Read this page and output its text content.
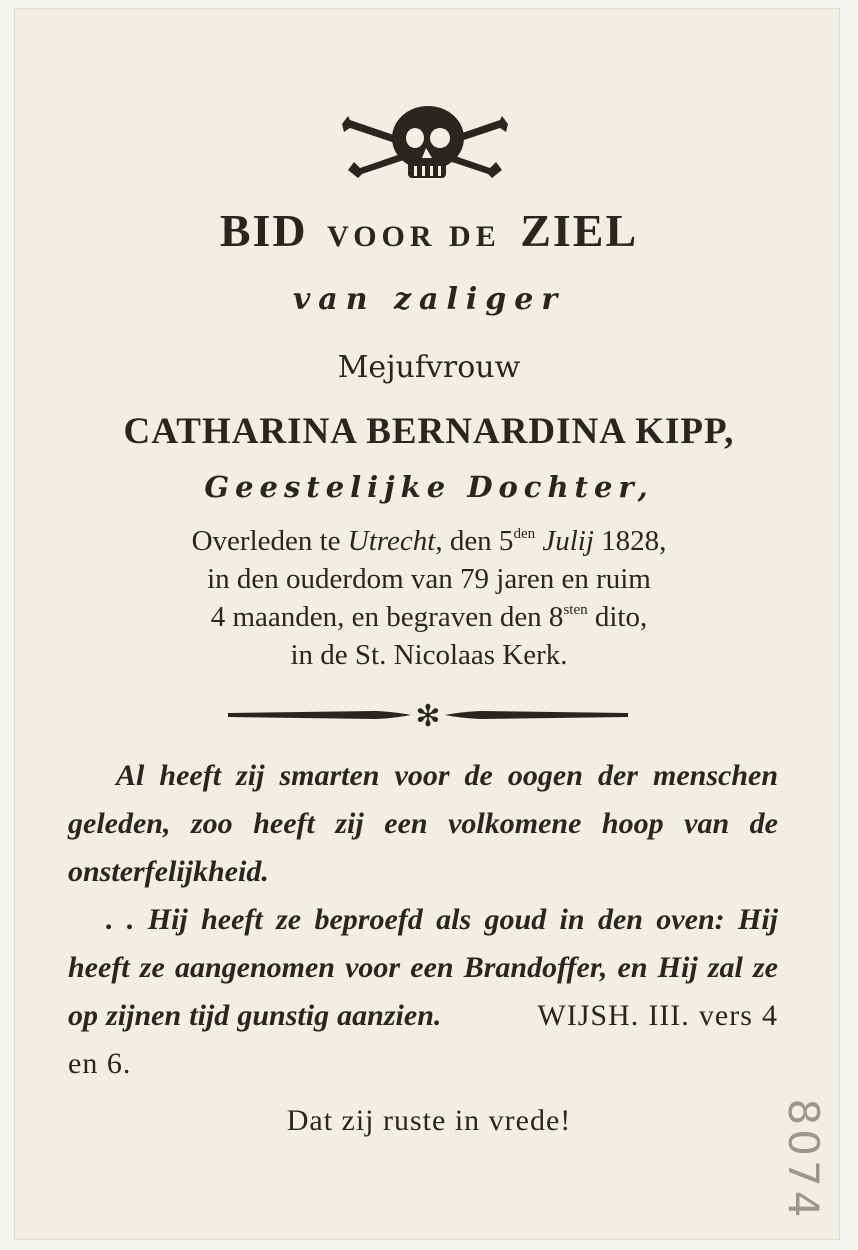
BID VOOR DE ZIEL
van zaliger
Mejufvrouw
CATHARINA BERNARDINA KIPP,
Geestelijke Dochter,
Overleden te Utrecht, den $5^{den}$ Julij 1828,
in den ouderdom van 79 jaren en ruim
4 maanden, en begraven den $8^{sten}$ dito,
in de St. Nicolaas Kerk.
✻
Al heeft zij smarten voor de oogen der menschen geleden, zoo heeft zij een volkomene hoop van de onsterfelijkheid.
. . Hij heeft ze beproefd als goud in den oven: Hij heeft ze aangenomen voor een Brandoffer, en Hij zal ze op zijnen tijd gunstig aanzien.	WIJSH. III. vers 4 en 6.
Dat zij ruste in vrede!	8074
